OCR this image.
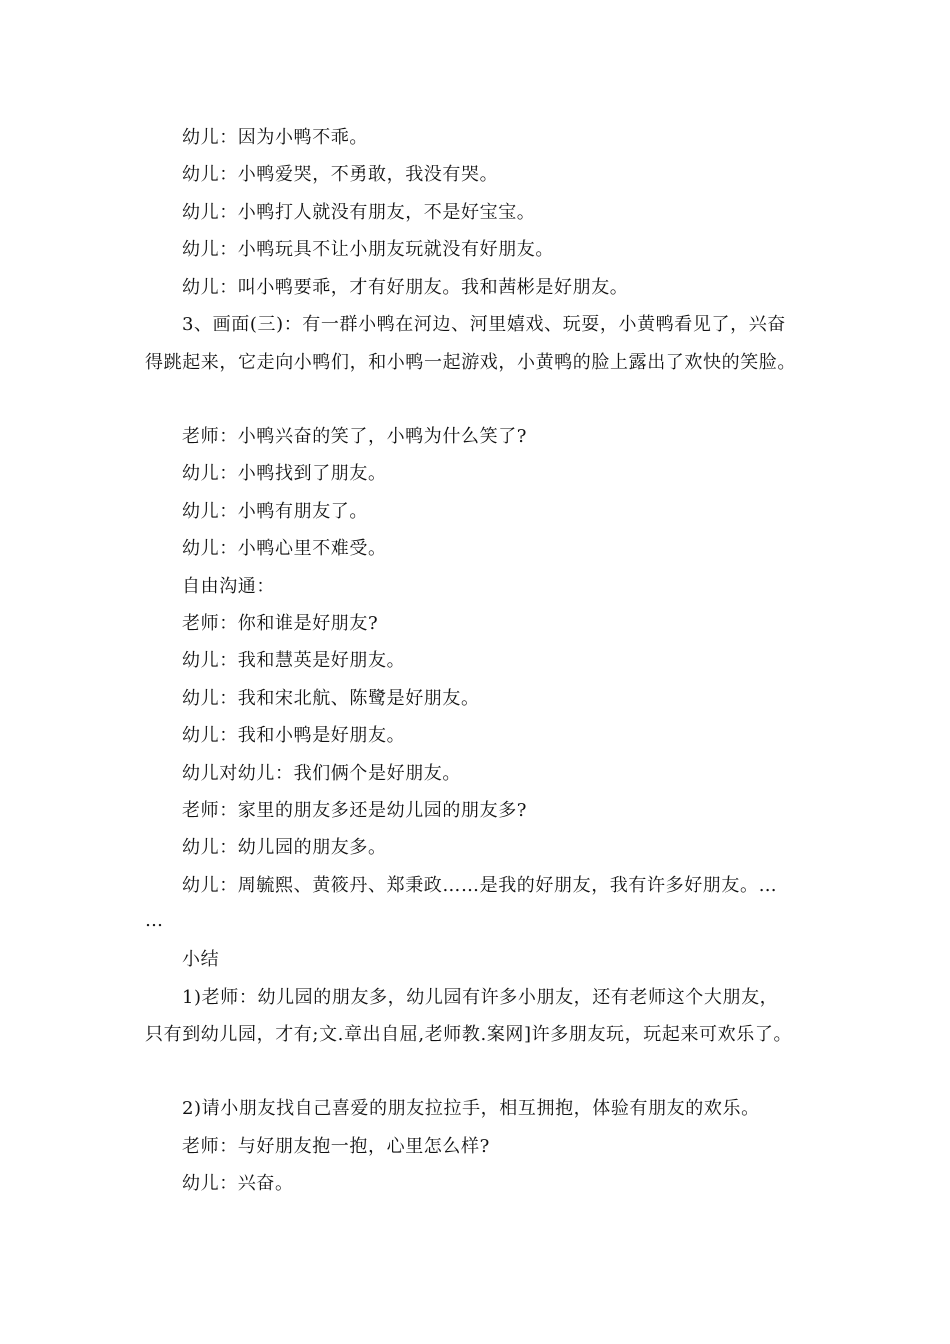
幼儿：因为小鸭不乖。
幼儿：小鸭爱哭，不勇敢，我没有哭。
幼儿：小鸭打人就没有朋友，不是好宝宝。
幼儿：小鸭玩具不让小朋友玩就没有好朋友。
幼儿：叫小鸭要乖，才有好朋友。我和茜彬是好朋友。
3、画面(三)：有一群小鸭在河边、河里嬉戏、玩耍，小黄鸭看见了，兴奋
得跳起来，它走向小鸭们，和小鸭一起游戏，小黄鸭的脸上露出了欢快的笑脸。
老师：小鸭兴奋的笑了，小鸭为什么笑了?
幼儿：小鸭找到了朋友。
幼儿：小鸭有朋友了。
幼儿：小鸭心里不难受。
自由沟通：
老师：你和谁是好朋友?
幼儿：我和慧英是好朋友。
幼儿：我和宋北航、陈鹭是好朋友。
幼儿：我和小鸭是好朋友。
幼儿对幼儿：我们俩个是好朋友。
老师：家里的朋友多还是幼儿园的朋友多?
幼儿：幼儿园的朋友多。
幼儿：周毓熙、黄筱丹、郑秉政……是我的好朋友，我有许多好朋友。…
…
小结
1)老师：幼儿园的朋友多，幼儿园有许多小朋友，还有老师这个大朋友，
只有到幼儿园，才有;文.章出自屈,老师教.案网]许多朋友玩，玩起来可欢乐了。
2)请小朋友找自己喜爱的朋友拉拉手，相互拥抱，体验有朋友的欢乐。
老师：与好朋友抱一抱，心里怎么样?
幼儿：兴奋。
